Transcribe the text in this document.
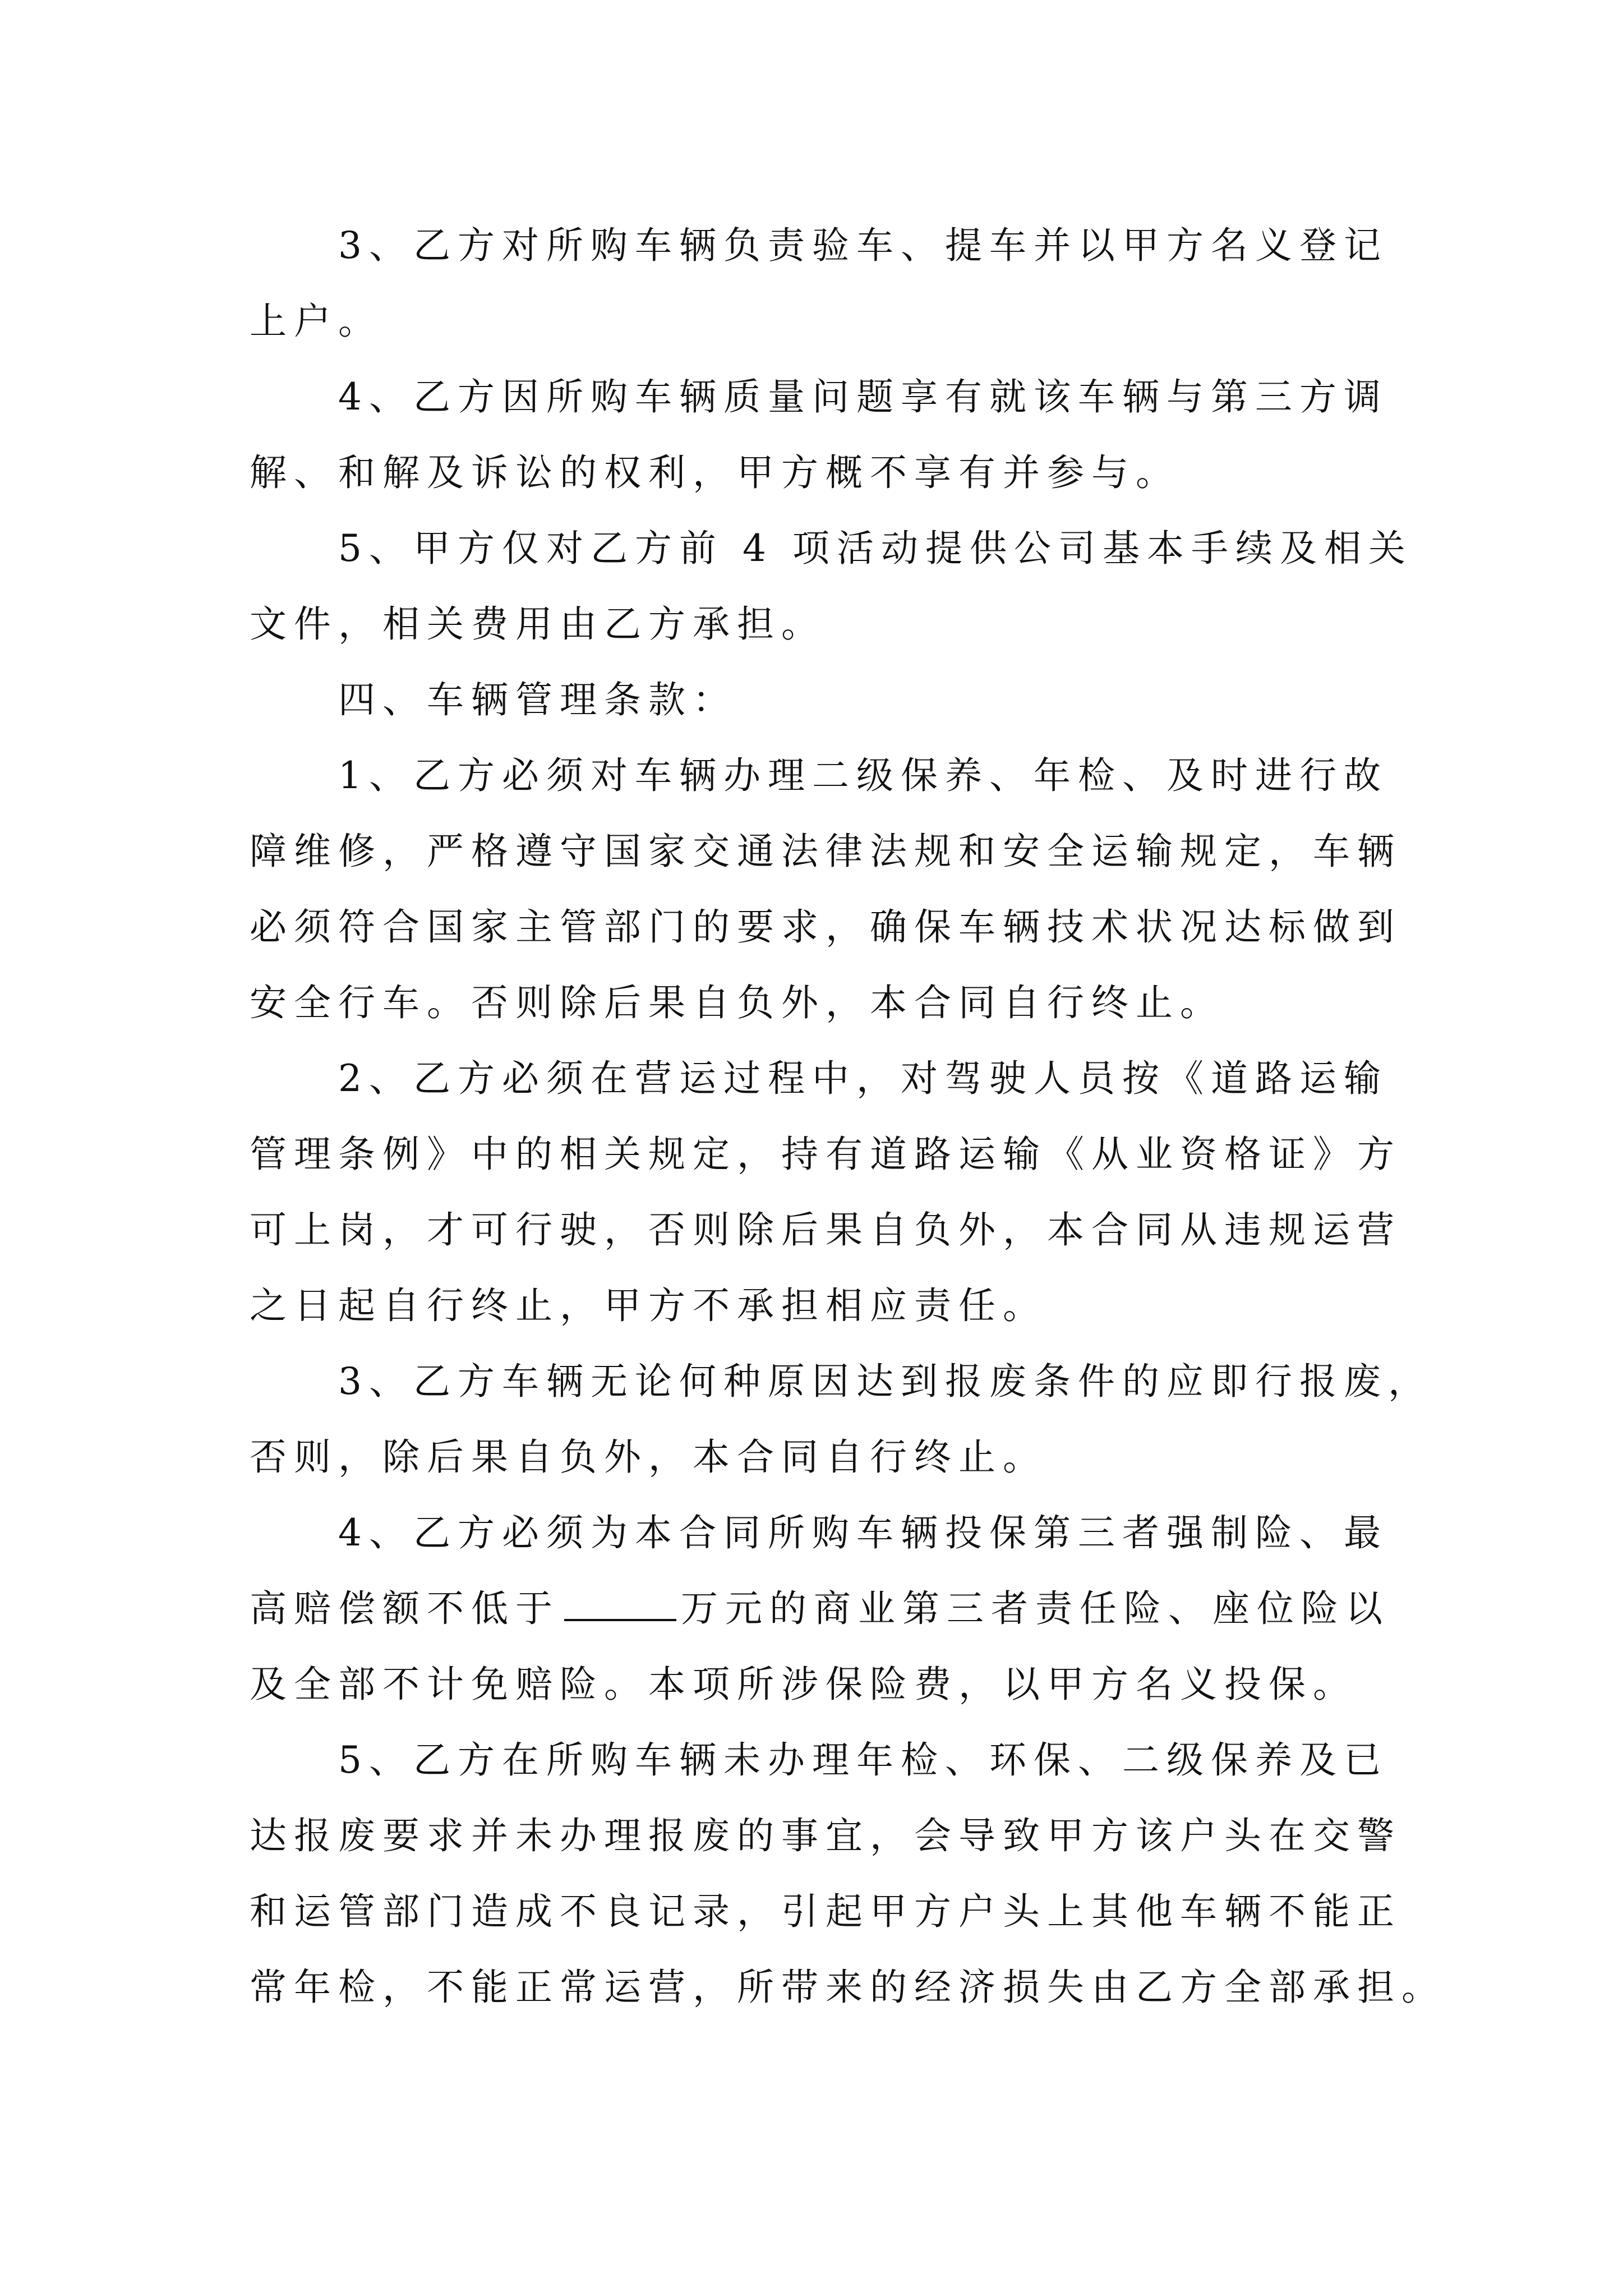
3、乙方对所购车辆负责验车、提车并以甲方名义登记
上户。
4、乙方因所购车辆质量问题享有就该车辆与第三方调
解、和解及诉讼的权利，甲方概不享有并参与。
5、甲方仅对乙方前 4 项活动提供公司基本手续及相关
文件，相关费用由乙方承担。
四、车辆管理条款：
1、乙方必须对车辆办理二级保养、年检、及时进行故
障维修，严格遵守国家交通法律法规和安全运输规定，车辆
必须符合国家主管部门的要求，确保车辆技术状况达标做到
安全行车。否则除后果自负外，本合同自行终止。
2、乙方必须在营运过程中，对驾驶人员按《道路运输
管理条例》中的相关规定，持有道路运输《从业资格证》方
可上岗，才可行驶，否则除后果自负外，本合同从违规运营
之日起自行终止，甲方不承担相应责任。
3、乙方车辆无论何种原因达到报废条件的应即行报废，
否则，除后果自负外，本合同自行终止。
4、乙方必须为本合同所购车辆投保第三者强制险、最
高赔偿额不低于	万元的商业第三者责任险、座位险以
及全部不计免赔险。本项所涉保险费，以甲方名义投保。
5、乙方在所购车辆未办理年检、环保、二级保养及已
达报废要求并未办理报废的事宜，会导致甲方该户头在交警
和运管部门造成不良记录，引起甲方户头上其他车辆不能正
常年检，不能正常运营，所带来的经济损失由乙方全部承担。
